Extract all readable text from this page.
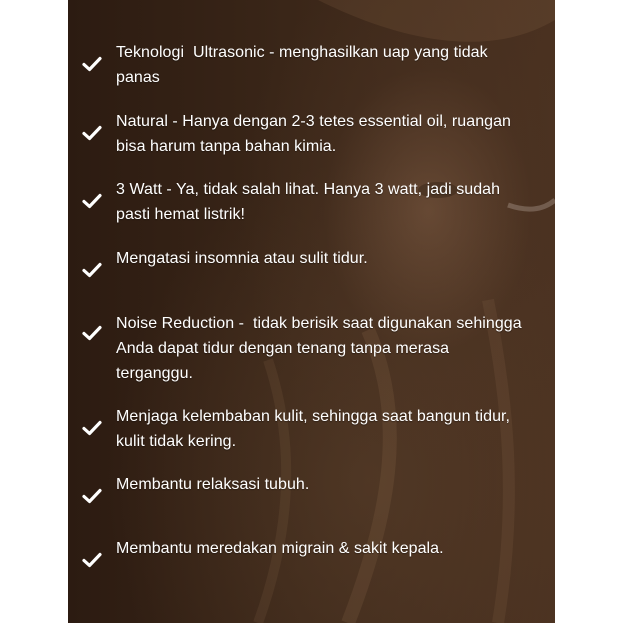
Teknologi  Ultrasonic - menghasilkan uap yang tidak
panas
Natural - Hanya dengan 2-3 tetes essential oil, ruangan
bisa harum tanpa bahan kimia.
3 Watt - Ya, tidak salah lihat. Hanya 3 watt, jadi sudah
pasti hemat listrik!
Mengatasi insomnia atau sulit tidur.
Noise Reduction -  tidak berisik saat digunakan sehingga
Anda dapat tidur dengan tenang tanpa merasa
terganggu.
Menjaga kelembaban kulit, sehingga saat bangun tidur,
kulit tidak kering.
Membantu relaksasi tubuh.
Membantu meredakan migrain & sakit kepala.
